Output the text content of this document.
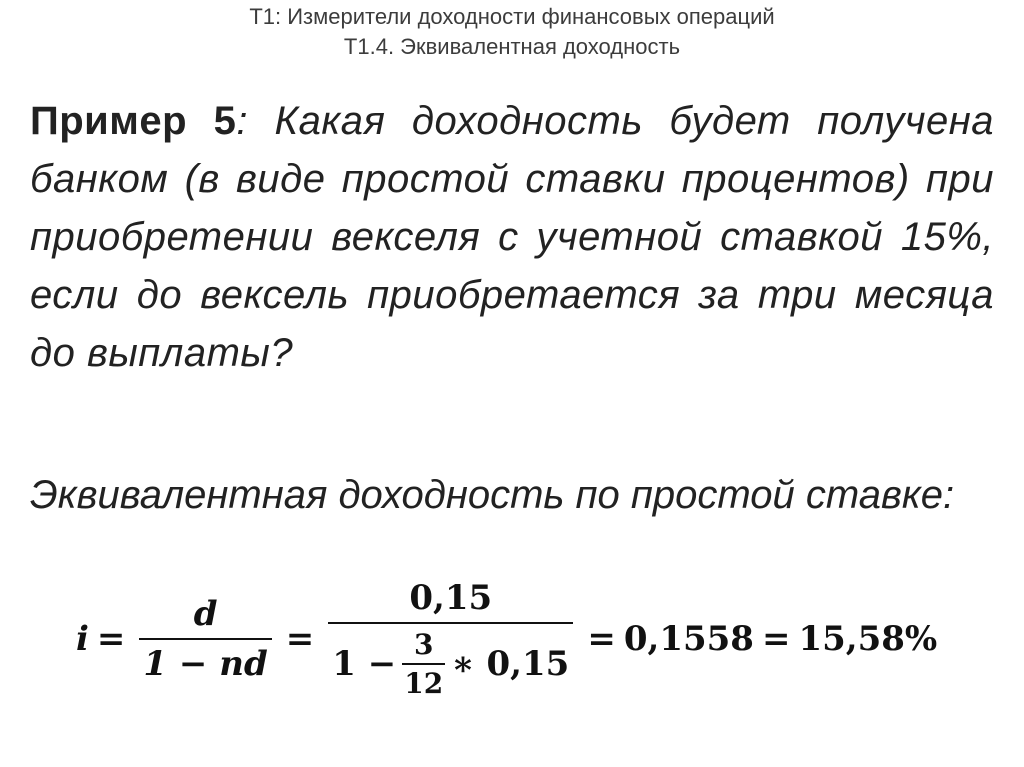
Т1: Измерители доходности финансовых операций
Т1.4. Эквивалентная доходность
Пример 5: Какая доходность будет получена банком (в виде простой ставки процентов) при приобретении векселя с учетной ставкой 15%, если до вексель приобретается за три месяца до выплаты?
Эквивалентная доходность по простой ставке:
$i = \frac{d}{1 - nd} = \frac{0,15}{1 - \frac{3}{12} ∗ 0,15} = 0,1558 = 15,58\%$
